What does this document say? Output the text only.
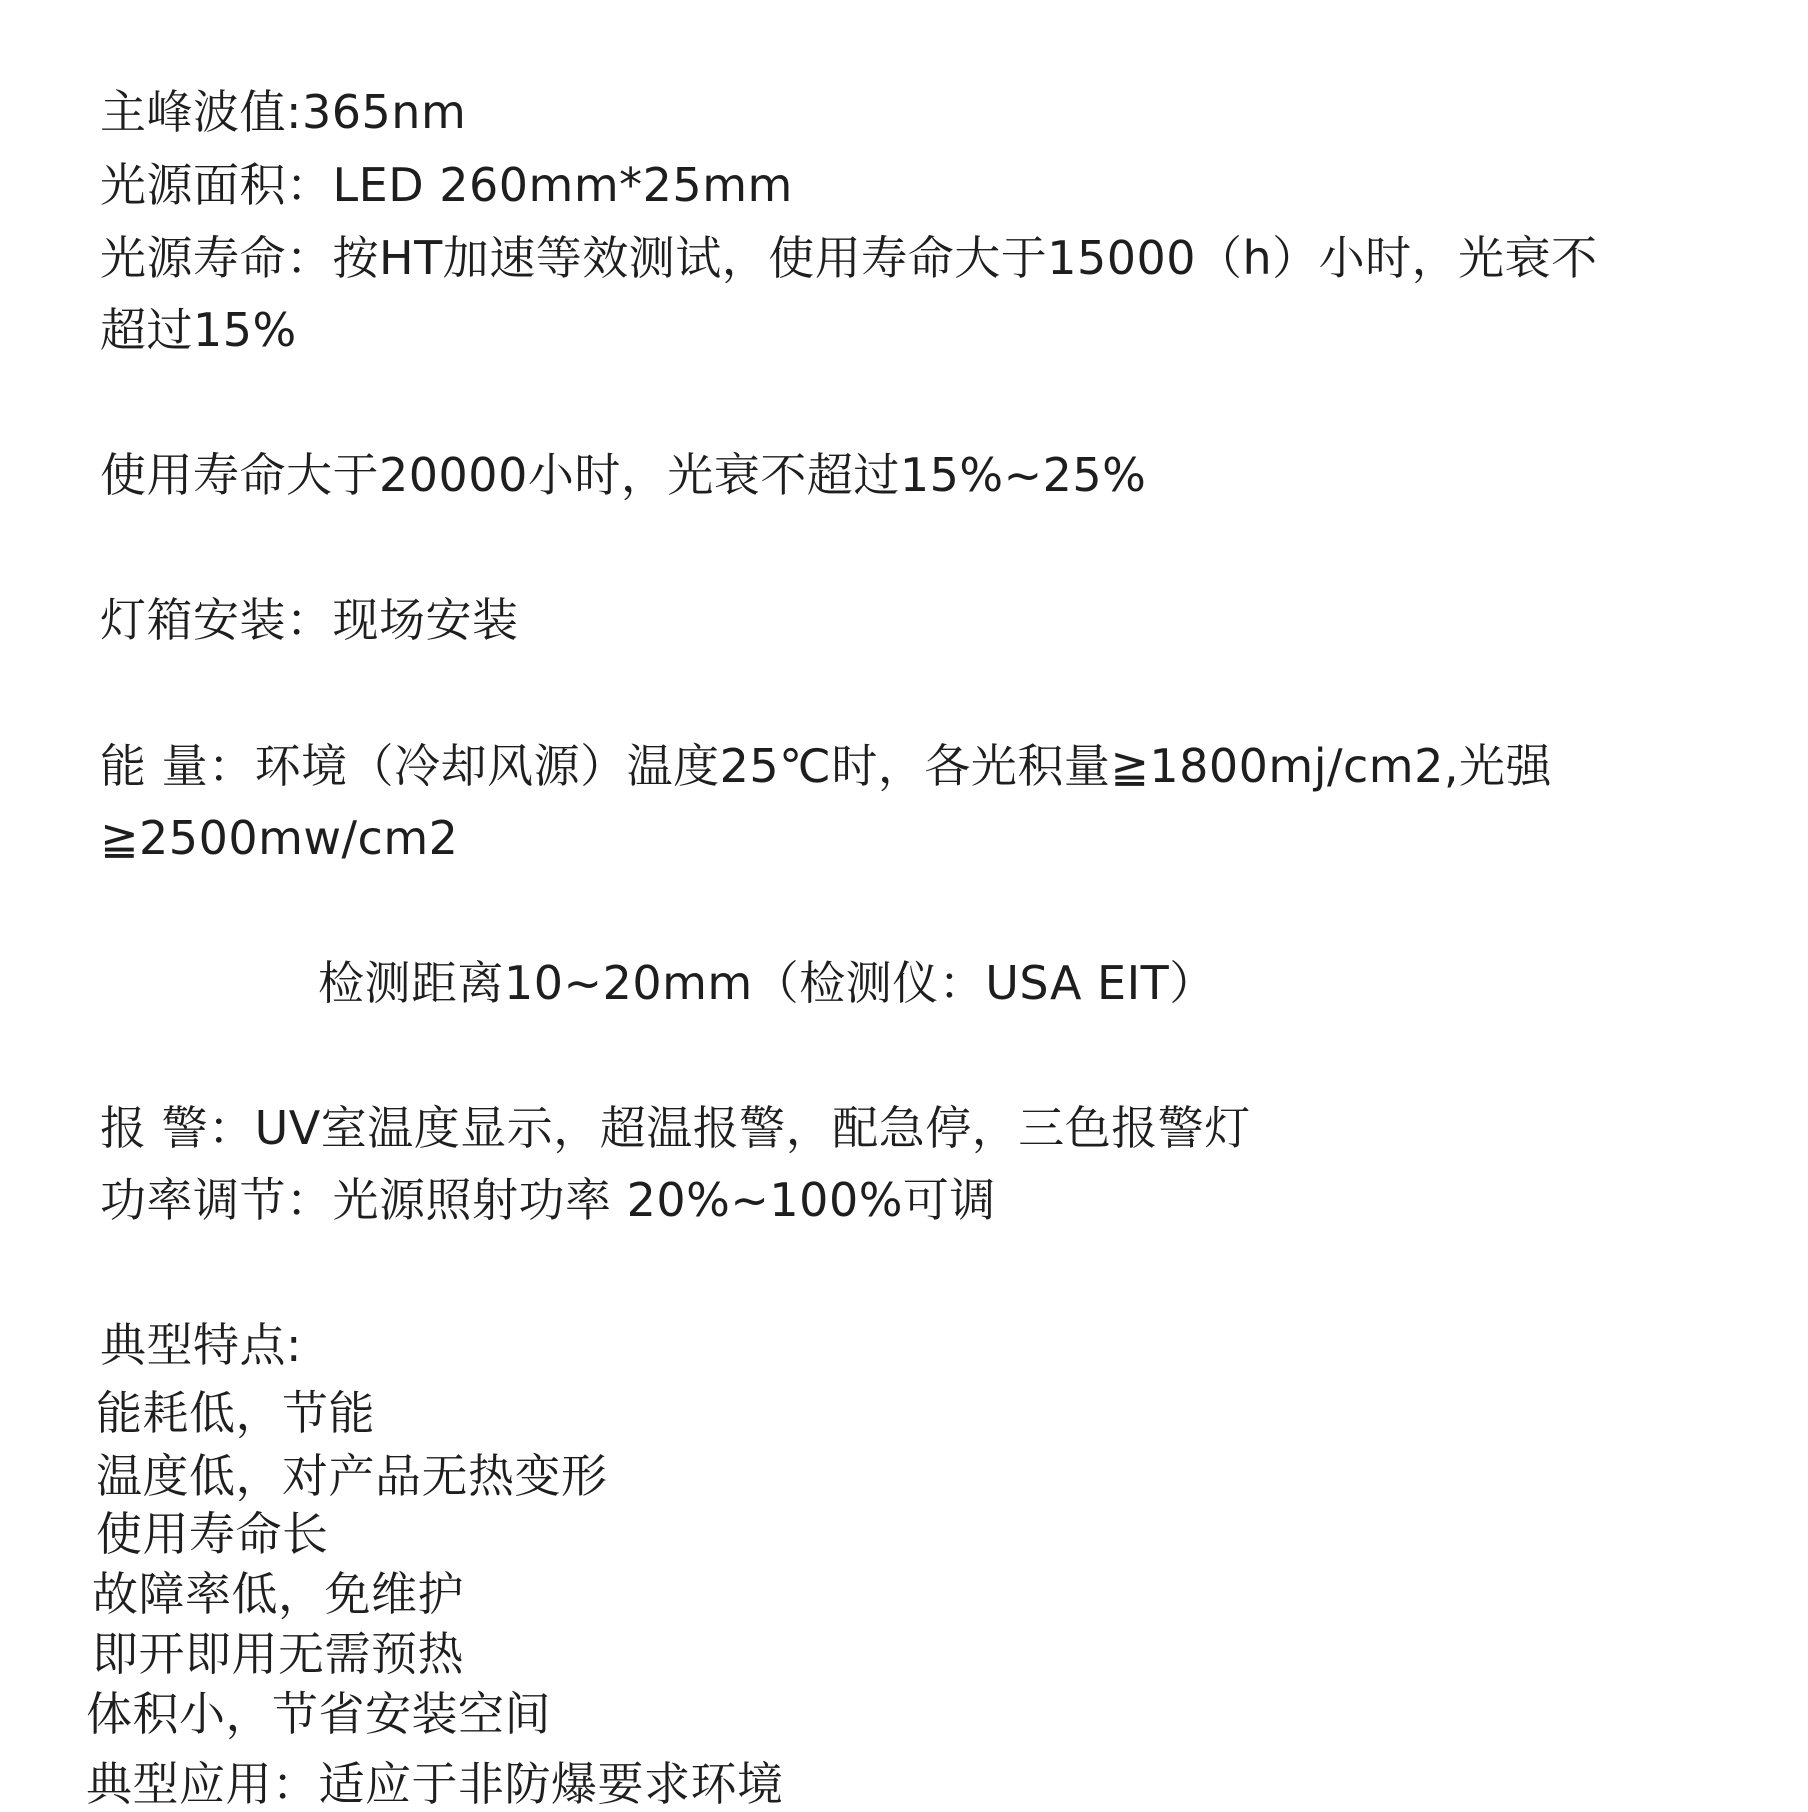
主峰波值:365nm

光源面积：LED 260mm*25mm

光源寿命：按HT加速等效测试，使用寿命大于15000（h）小时，光衰不

超过15%

使用寿命大于20000小时，光衰不超过15%~25%

灯箱安装：现场安装

能 量：环境（冷却风源）温度25℃时，各光积量≧1800mj/cm2,光强

≧2500mw/cm2

检测距离10~20mm（检测仪：USA EIT）

报 警：UV室温度显示，超温报警，配急停，三色报警灯

功率调节：光源照射功率 20%~100%可调

典型特点:

能耗低，节能

温度低，对产品无热变形

使用寿命长

故障率低，免维护

即开即用无需预热

体积小，节省安装空间

典型应用：适应于非防爆要求环境
